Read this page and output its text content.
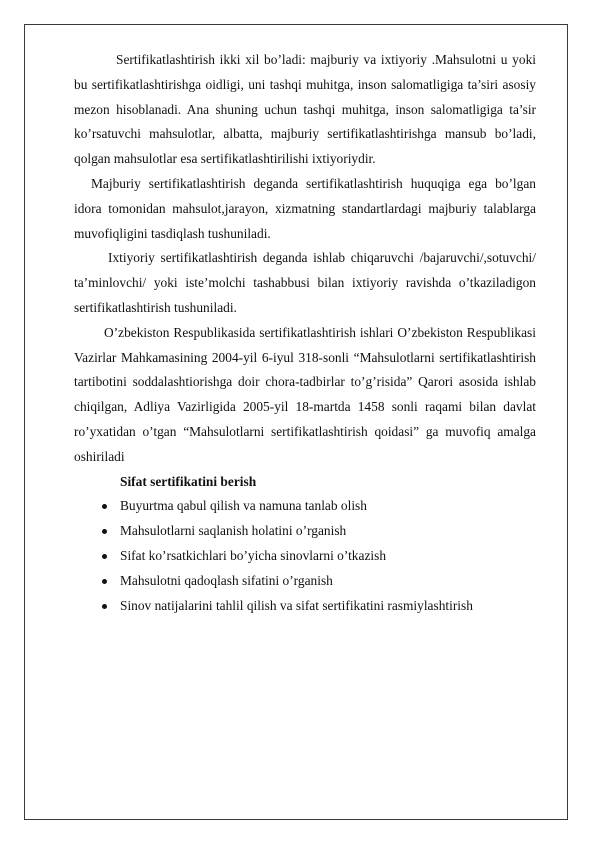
Sertifikatlashtirish ikki xil bo’ladi: majburiy va ixtiyoriy .Mahsulotni u yoki bu sertifikatlashtirishga oidligi, uni tashqi muhitga, inson salomatligiga ta’siri asosiy mezon hisoblanadi. Ana shuning uchun tashqi muhitga, inson salomatligiga ta’sir ko’rsatuvchi mahsulotlar, albatta, majburiy sertifikatlashtirishga mansub bo’ladi, qolgan mahsulotlar esa sertifikatlashtirilishi ixtiyoriydir.

Majburiy sertifikatlashtirish deganda sertifikatlashtirish huquqiga ega bo’lgan idora tomonidan mahsulot,jarayon, xizmatning standartlardagi majburiy talablarga muvofiqligini tasdiqlash tushuniladi.

Ixtiyoriy sertifikatlashtirish deganda ishlab chiqaruvchi /bajaruvchi/,sotuvchi/ ta’minlovchi/ yoki iste’molchi tashabbusi bilan ixtiyoriy ravishda o’tkaziladigon sertifikatlashtirish tushuniladi.

O’zbekiston Respublikasida sertifikatlashtirish ishlari O’zbekiston Respublikasi Vazirlar Mahkamasining 2004-yil 6-iyul 318-sonli “Mahsulotlarni sertifikatlashtirish tartibotini soddalashtiorishga doir chora-tadbirlar to’g’risida” Qarori asosida ishlab chiqilgan, Adliya Vazirligida 2005-yil 18-martda 1458 sonli raqami bilan davlat ro’yxatidan o’tgan “Mahsulotlarni sertifikatlashtirish qoidasi” ga muvofiq amalga oshiriladi

Sifat sertifikatini berish

Buyurtma qabul qilish va namuna tanlab olish
Mahsulotlarni saqlanish holatini o’rganish
Sifat ko’rsatkichlari bo’yicha sinovlarni o’tkazish
Mahsulotni qadoqlash sifatini o’rganish
Sinov natijalarini tahlil qilish va sifat sertifikatini rasmiylashtirish
